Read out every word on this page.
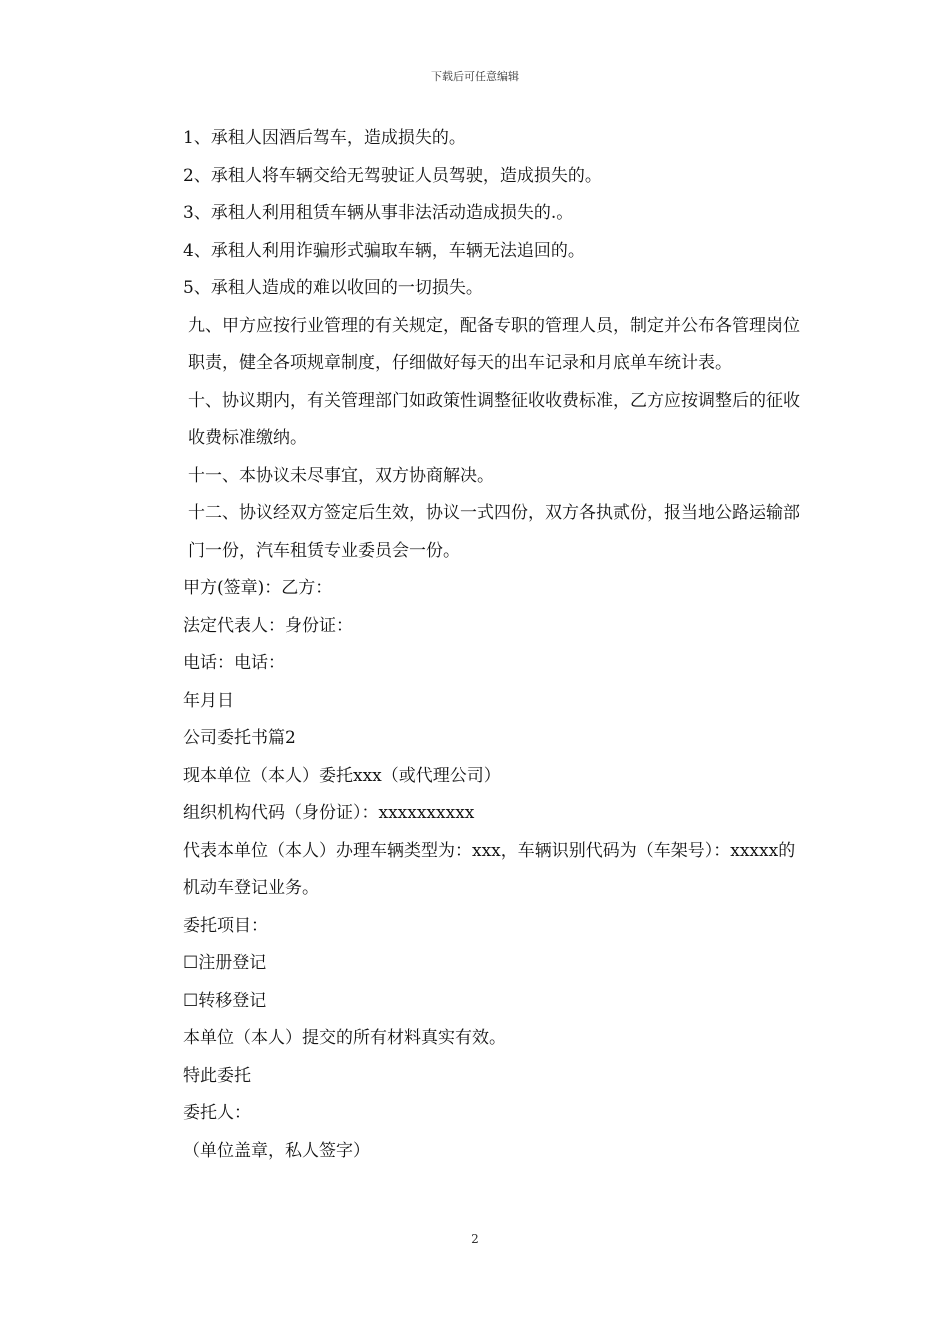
下载后可任意编辑

1、承租人因酒后驾车，造成损失的。

2、承租人将车辆交给无驾驶证人员驾驶，造成损失的。

3、承租人利用租赁车辆从事非法活动造成损失的.。

4、承租人利用诈骗形式骗取车辆，车辆无法追回的。

5、承租人造成的难以收回的一切损失。

九、甲方应按行业管理的有关规定，配备专职的管理人员，制定并公布各管理岗位职责，健全各项规章制度，仔细做好每天的出车记录和月底单车统计表。

十、协议期内，有关管理部门如政策性调整征收收费标准，乙方应按调整后的征收收费标准缴纳。

十一、本协议未尽事宜，双方协商解决。

十二、协议经双方签定后生效，协议一式四份，双方各执贰份，报当地公路运输部门一份，汽车租赁专业委员会一份。

甲方(签章)：乙方：

法定代表人：身份证：

电话：电话：

年月日

公司委托书篇2

现本单位（本人）委托xxx（或代理公司）

组织机构代码（身份证）：xxxxxxxxxx

代表本单位（本人）办理车辆类型为：xxx，车辆识别代码为（车架号）：xxxxx的机动车登记业务。

委托项目：

☐注册登记

☐转移登记

本单位（本人）提交的所有材料真实有效。

特此委托

委托人：

（单位盖章，私人签字）

2
